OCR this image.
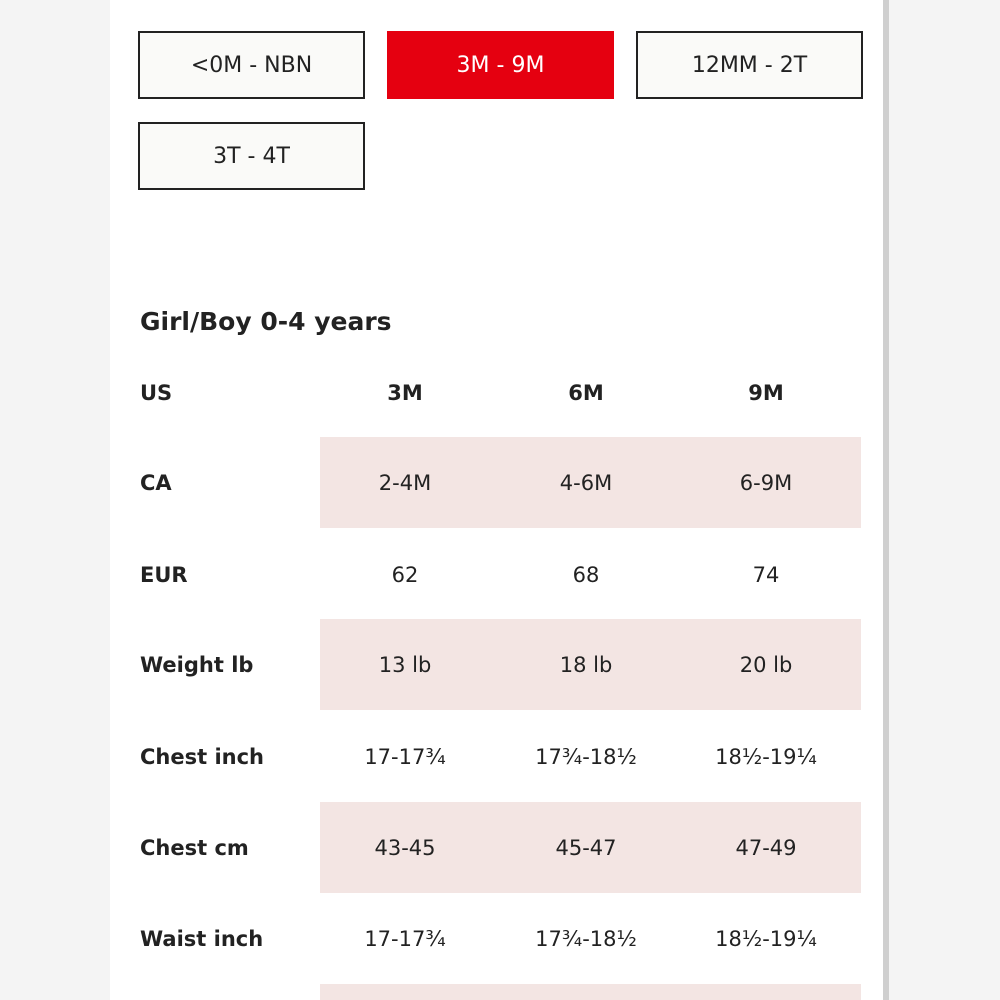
<0M - NBN	3M - 9M	12MM - 2T
3T - 4T
Girl/Boy 0-4 years
US	3M	6M	9M
CA	2-4M	4-6M	6-9M
EUR	62	68	74
Weight lb	13 lb	18 lb	20 lb
Chest inch	17-17¾	17¾-18½	18½-19¼
Chest cm	43-45	45-47	47-49
Waist inch	17-17¾	17¾-18½	18½-19¼
